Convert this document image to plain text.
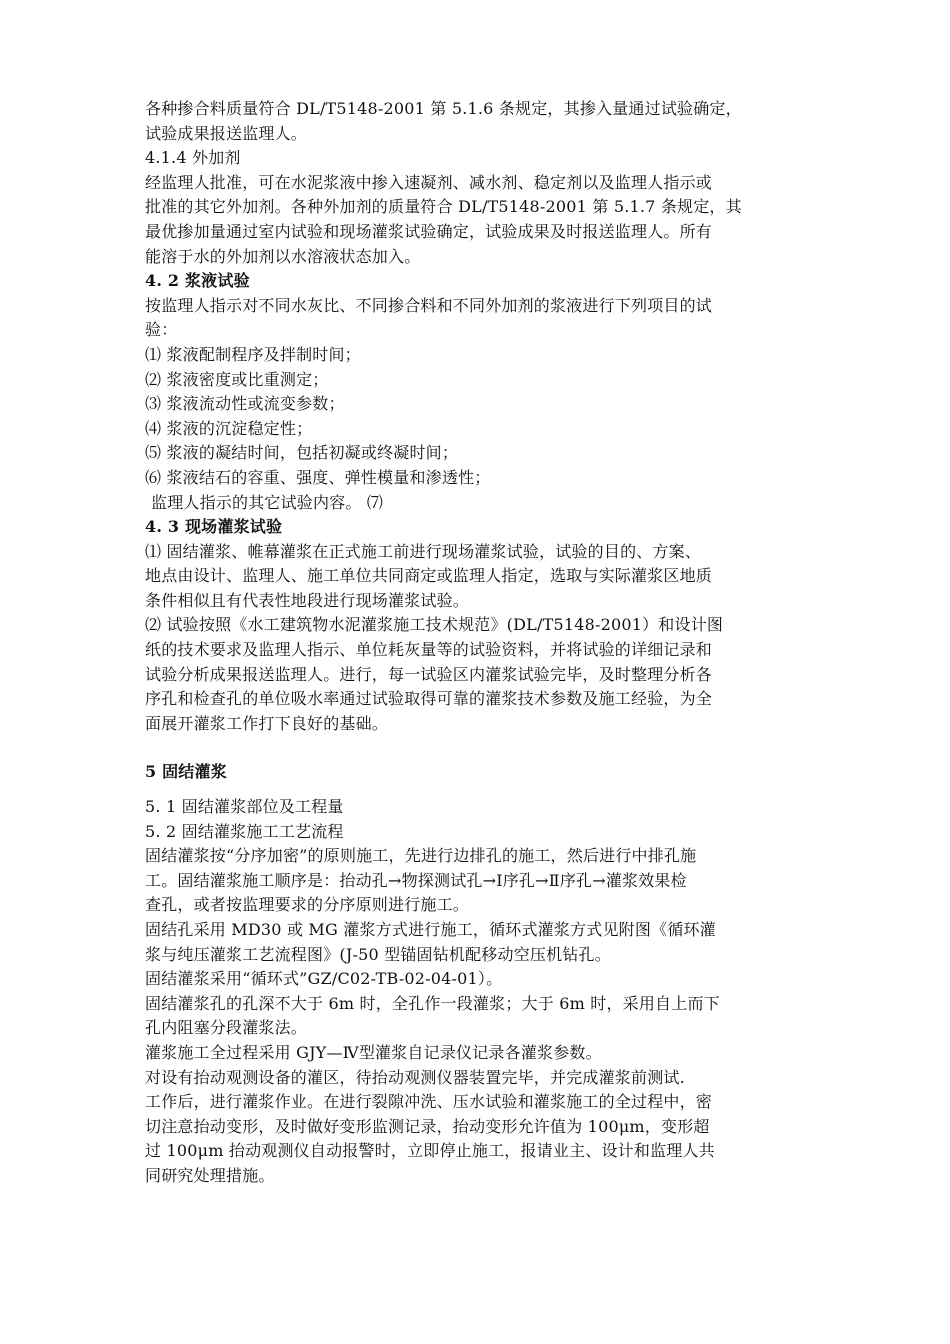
各种掺合料质量符合 DL/T5148-2001 第 5.1.6 条规定，其掺入量通过试验确定，

试验成果报送监理人。

4.1.4 外加剂

经监理人批准，可在水泥浆液中掺入速凝剂、减水剂、稳定剂以及监理人指示或

批准的其它外加剂。各种外加剂的质量符合 DL/T5148-2001 第 5.1.7 条规定，其

最优掺加量通过室内试验和现场灌浆试验确定，试验成果及时报送监理人。所有

能溶于水的外加剂以水溶液状态加入。

4. 2 浆液试验

按监理人指示对不同水灰比、不同掺合料和不同外加剂的浆液进行下列项目的试

验：

⑴ 浆液配制程序及拌制时间；

⑵ 浆液密度或比重测定；

⑶ 浆液流动性或流变参数；

⑷ 浆液的沉淀稳定性；

⑸ 浆液的凝结时间，包括初凝或终凝时间；

⑹ 浆液结石的容重、强度、弹性模量和渗透性；

监理人指示的其它试验内容。 ⑺

4. 3 现场灌浆试验

⑴ 固结灌浆、帷幕灌浆在正式施工前进行现场灌浆试验，试验的目的、方案、

地点由设计、监理人、施工单位共同商定或监理人指定，选取与实际灌浆区地质

条件相似且有代表性地段进行现场灌浆试验。

⑵ 试验按照《水工建筑物水泥灌浆施工技术规范》(DL/T5148-2001）和设计图

纸的技术要求及监理人指示、单位耗灰量等的试验资料，并将试验的详细记录和

试验分析成果报送监理人。进行，每一试验区内灌浆试验完毕，及时整理分析各

序孔和检查孔的单位吸水率通过试验取得可靠的灌浆技术参数及施工经验，为全

面展开灌浆工作打下良好的基础。

5 固结灌浆

5. 1 固结灌浆部位及工程量

5. 2 固结灌浆施工工艺流程

固结灌浆按“分序加密”的原则施工，先进行边排孔的施工，然后进行中排孔施

工。固结灌浆施工顺序是：抬动孔→物探测试孔→Ⅰ序孔→Ⅱ序孔→灌浆效果检

查孔，或者按监理要求的分序原则进行施工。

固结孔采用 MD30 或 MG 灌浆方式进行施工，循环式灌浆方式见附图《循环灌

浆与纯压灌浆工艺流程图》(J-50 型锚固钻机配移动空压机钻孔。

固结灌浆采用“循环式”GZ/C02-TB-02-04-01）。

固结灌浆孔的孔深不大于 6m 时，全孔作一段灌浆；大于 6m 时，采用自上而下

孔内阻塞分段灌浆法。

灌浆施工全过程采用 GJY—Ⅳ型灌浆自记录仪记录各灌浆参数。

对设有抬动观测设备的灌区，待抬动观测仪器装置完毕，并完成灌浆前测试.

工作后，进行灌浆作业。在进行裂隙冲洗、压水试验和灌浆施工的全过程中，密

切注意抬动变形，及时做好变形监测记录，抬动变形允许值为 100μm，变形超

过 100μm 抬动观测仪自动报警时，立即停止施工，报请业主、设计和监理人共

同研究处理措施。
